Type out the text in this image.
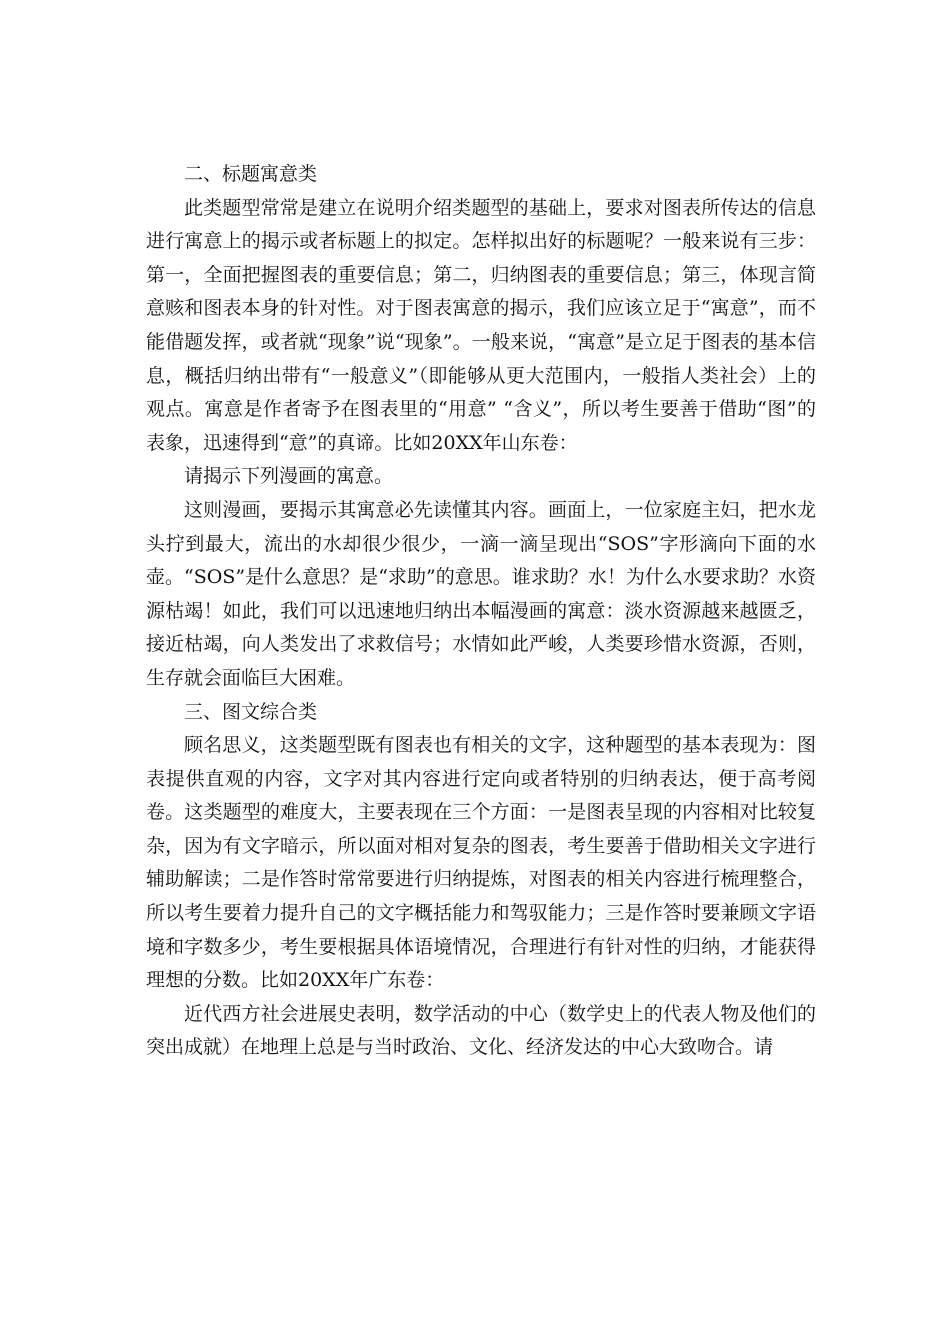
二、标题寓意类

此类题型常常是建立在说明介绍类题型的基础上，要求对图表所传达的信息进行寓意上的揭示或者标题上的拟定。怎样拟出好的标题呢？一般来说有三步：第一，全面把握图表的重要信息；第二，归纳图表的重要信息；第三，体现言简意赅和图表本身的针对性。对于图表寓意的揭示，我们应该立足于“寓意”，而不能借题发挥，或者就“现象”说“现象”。一般来说，“寓意”是立足于图表的基本信息，概括归纳出带有“一般意义”（即能够从更大范围内，一般指人类社会）上的观点。寓意是作者寄予在图表里的“用意” “含义”，所以考生要善于借助“图”的表象，迅速得到“意”的真谛。比如20XX年山东卷：

请揭示下列漫画的寓意。

这则漫画，要揭示其寓意必先读懂其内容。画面上，一位家庭主妇，把水龙头拧到最大，流出的水却很少很少，一滴一滴呈现出“SOS”字形滴向下面的水壶。“SOS”是什么意思？是“求助”的意思。谁求助？水！为什么水要求助？水资源枯竭！如此，我们可以迅速地归纳出本幅漫画的寓意：淡水资源越来越匮乏，接近枯竭，向人类发出了求救信号；水情如此严峻，人类要珍惜水资源，否则，生存就会面临巨大困难。

三、图文综合类

顾名思义，这类题型既有图表也有相关的文字，这种题型的基本表现为：图表提供直观的内容，文字对其内容进行定向或者特别的归纳表达，便于高考阅卷。这类题型的难度大，主要表现在三个方面：一是图表呈现的内容相对比较复杂，因为有文字暗示，所以面对相对复杂的图表，考生要善于借助相关文字进行辅助解读；二是作答时常常要进行归纳提炼，对图表的相关内容进行梳理整合，所以考生要着力提升自己的文字概括能力和驾驭能力；三是作答时要兼顾文字语境和字数多少，考生要根据具体语境情况，合理进行有针对性的归纳，才能获得理想的分数。比如20XX年广东卷：

近代西方社会进展史表明，数学活动的中心（数学史上的代表人物及他们的突出成就）在地理上总是与当时政治、文化、经济发达的中心大致吻合。请
